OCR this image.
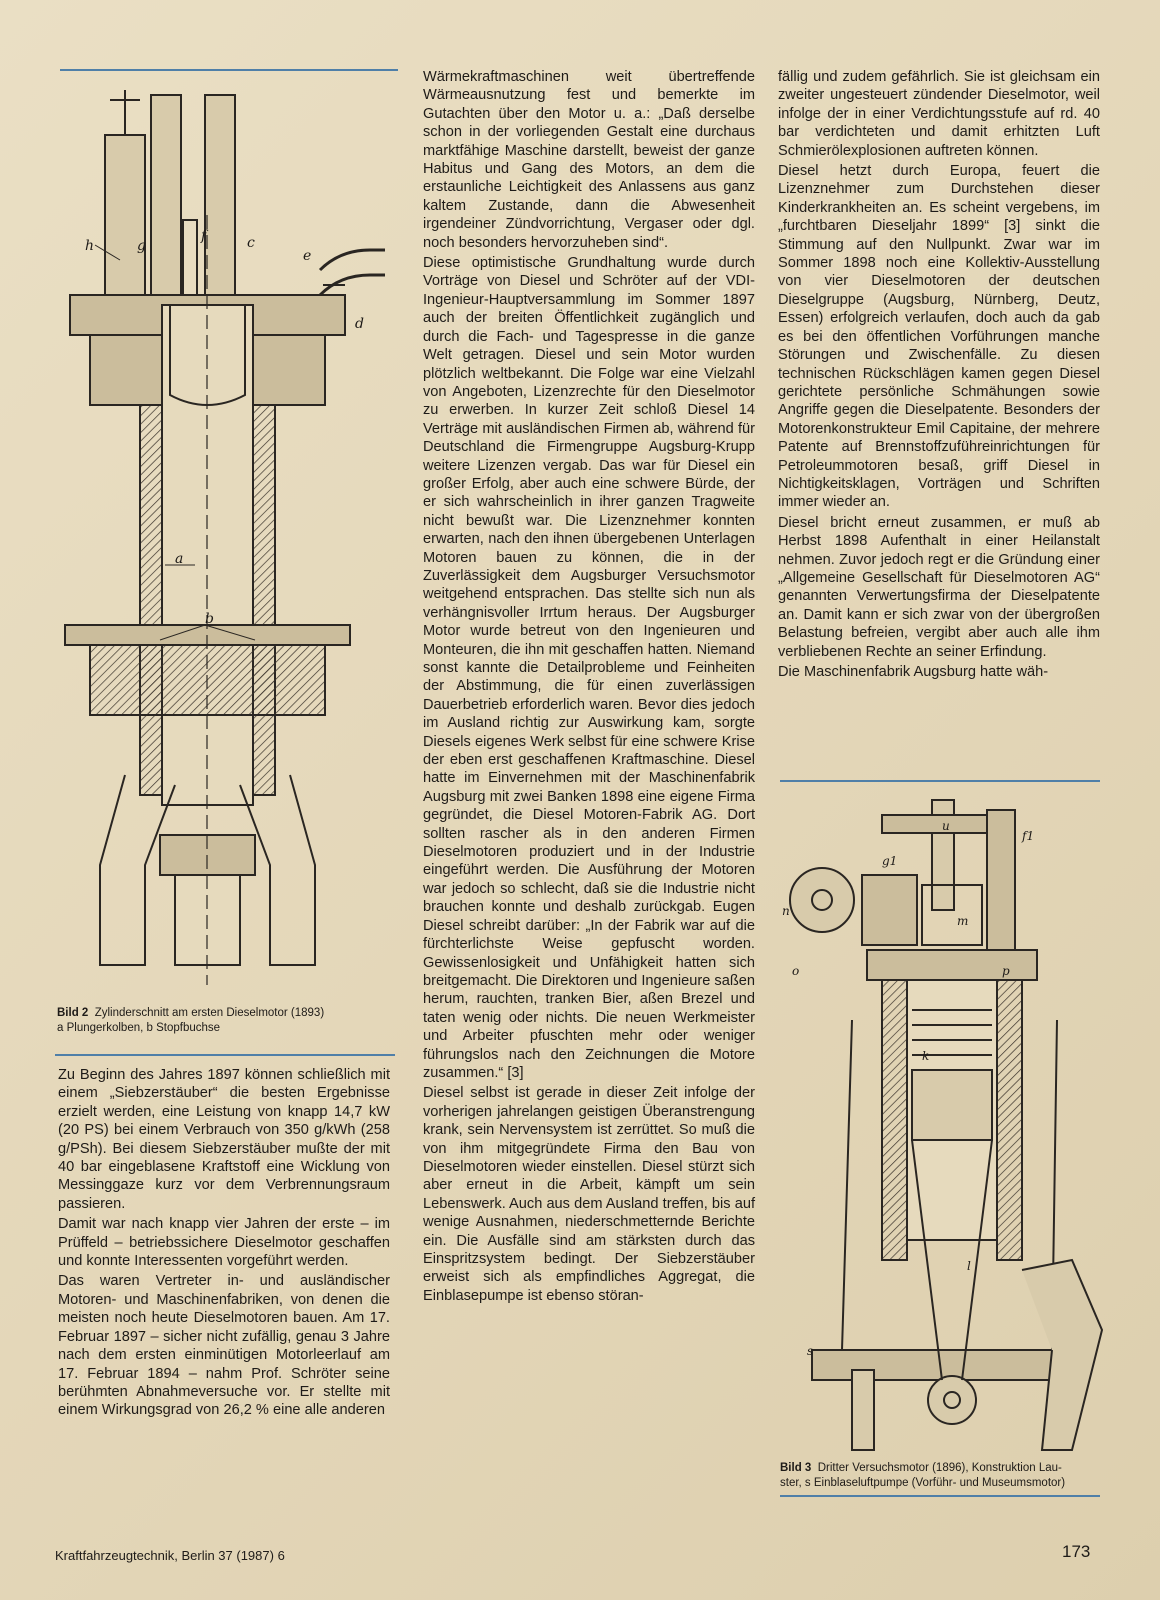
h	g
f	c
e
d
a
b
Bild 2 Zylinderschnitt am ersten Dieselmotor (1893)
a Plungerkolben, b Stopfbuchse

Zu Beginn des Jahres 1897 können schließlich mit einem „Siebzerstäuber“ die besten Ergebnisse erzielt werden, eine Leistung von knapp 14,7 kW (20 PS) bei einem Verbrauch von 350 g/kWh (258 g/PSh). Bei diesem Siebzerstäuber mußte der mit 40 bar eingeblasene Kraftstoff eine Wicklung von Messinggaze kurz vor dem Verbrennungsraum passieren.

Damit war nach knapp vier Jahren der erste – im Prüffeld – betriebssichere Dieselmotor geschaffen und konnte Interessenten vorgeführt werden.

Das waren Vertreter in- und ausländischer Motoren- und Maschinenfabriken, von denen die meisten noch heute Dieselmotoren bauen. Am 17. Februar 1897 – sicher nicht zufällig, genau 3 Jahre nach dem ersten einminütigen Motorleerlauf am 17. Februar 1894 – nahm Prof. Schröter seine berühmten Abnahmeversuche vor. Er stellte mit einem Wirkungsgrad von 26,2 % eine alle anderen

Wärmekraftmaschinen weit übertreffende Wärmeausnutzung fest und bemerkte im Gutachten über den Motor u. a.: „Daß derselbe schon in der vorliegenden Gestalt eine durchaus marktfähige Maschine darstellt, beweist der ganze Habitus und Gang des Motors, an dem die erstaunliche Leichtigkeit des Anlassens aus ganz kaltem Zustande, dann die Abwesenheit irgendeiner Zündvorrichtung, Vergaser oder dgl. noch besonders hervorzuheben sind“.

Diese optimistische Grundhaltung wurde durch Vorträge von Diesel und Schröter auf der VDI-Ingenieur-Hauptversammlung im Sommer 1897 auch der breiten Öffentlichkeit zugänglich und durch die Fach- und Tagespresse in die ganze Welt getragen. Diesel und sein Motor wurden plötzlich weltbekannt. Die Folge war eine Vielzahl von Angeboten, Lizenzrechte für den Dieselmotor zu erwerben. In kurzer Zeit schloß Diesel 14 Verträge mit ausländischen Firmen ab, während für Deutschland die Firmengruppe Augsburg-Krupp weitere Lizenzen vergab. Das war für Diesel ein großer Erfolg, aber auch eine schwere Bürde, der er sich wahrscheinlich in ihrer ganzen Tragweite nicht bewußt war. Die Lizenznehmer konnten erwarten, nach den ihnen übergebenen Unterlagen Motoren bauen zu können, die in der Zuverlässigkeit dem Augsburger Versuchsmotor weitgehend entsprachen. Das stellte sich nun als verhängnisvoller Irrtum heraus. Der Augsburger Motor wurde betreut von den Ingenieuren und Monteuren, die ihn mit geschaffen hatten. Niemand sonst kannte die Detailprobleme und Feinheiten der Abstimmung, die für einen zuverlässigen Dauerbetrieb erforderlich waren. Bevor dies jedoch im Ausland richtig zur Auswirkung kam, sorgte Diesels eigenes Werk selbst für eine schwere Krise der eben erst geschaffenen Kraftmaschine. Diesel hatte im Einvernehmen mit der Maschinenfabrik Augsburg mit zwei Banken 1898 eine eigene Firma gegründet, die Diesel Motoren-Fabrik AG. Dort sollten rascher als in den anderen Firmen Dieselmotoren produziert und in der Industrie eingeführt werden. Die Ausführung der Motoren war jedoch so schlecht, daß sie die Industrie nicht brauchen konnte und deshalb zurückgab. Eugen Diesel schreibt darüber: „In der Fabrik war auf die fürchterlichste Weise gepfuscht worden. Gewissenlosigkeit und Unfähigkeit hatten sich breitgemacht. Die Direktoren und Ingenieure saßen herum, rauchten, tranken Bier, aßen Brezel und taten wenig oder nichts. Die neuen Werkmeister und Arbeiter pfuschten mehr oder weniger führungslos nach den Zeichnungen die Motore zusammen.“ [3]

Diesel selbst ist gerade in dieser Zeit infolge der vorherigen jahrelangen geistigen Überanstrengung krank, sein Nervensystem ist zerrüttet. So muß die von ihm mitgegründete Firma den Bau von Dieselmotoren wieder einstellen. Diesel stürzt sich aber erneut in die Arbeit, kämpft um sein Lebenswerk. Auch aus dem Ausland treffen, bis auf wenige Ausnahmen, niederschmetternde Berichte ein. Die Ausfälle sind am stärksten durch das Einspritzsystem bedingt. Der Siebzerstäuber erweist sich als empfindliches Aggregat, die Einblasepumpe ist ebenso störan-

fällig und zudem gefährlich. Sie ist gleichsam ein zweiter ungesteuert zündender Dieselmotor, weil infolge der in einer Verdichtungsstufe auf rd. 40 bar verdichteten und damit erhitzten Luft Schmierölexplosionen auftreten können.

Diesel hetzt durch Europa, feuert die Lizenznehmer zum Durchstehen dieser Kinderkrankheiten an. Es scheint vergebens, im „furchtbaren Dieseljahr 1899“ [3] sinkt die Stimmung auf den Nullpunkt. Zwar war im Sommer 1898 noch eine Kollektiv-Ausstellung von vier Dieselmotoren der deutschen Dieselgruppe (Augsburg, Nürnberg, Deutz, Essen) erfolgreich verlaufen, doch auch da gab es bei den öffentlichen Vorführungen manche Störungen und Zwischenfälle. Zu diesen technischen Rückschlägen kamen gegen Diesel gerichtete persönliche Schmähungen sowie Angriffe gegen die Dieselpatente. Besonders der Motorenkonstrukteur Emil Capitaine, der mehrere Patente auf Brennstoffzuführeinrichtungen für Petroleummotoren besaß, griff Diesel in Nichtigkeitsklagen, Vorträgen und Schriften immer wieder an.

Diesel bricht erneut zusammen, er muß ab Herbst 1898 Aufenthalt in einer Heilanstalt nehmen. Zuvor jedoch regt er die Gründung einer „Allgemeine Gesellschaft für Dieselmotoren AG“ genannten Verwertungsfirma der Dieselpatente an. Damit kann er sich zwar von der übergroßen Belastung befreien, vergibt aber auch alle ihm verbliebenen Rechte an seiner Erfindung.

Die Maschinenfabrik Augsburg hatte wäh-

u
f1
g1
n
o
m
p
k
l
s
Bild 3 Dritter Versuchsmotor (1896), Konstruktion Lau-
ster, s Einblaseluftpumpe (Vorführ- und Museumsmotor)
Kraftfahrzeugtechnik, Berlin 37 (1987) 6	173
